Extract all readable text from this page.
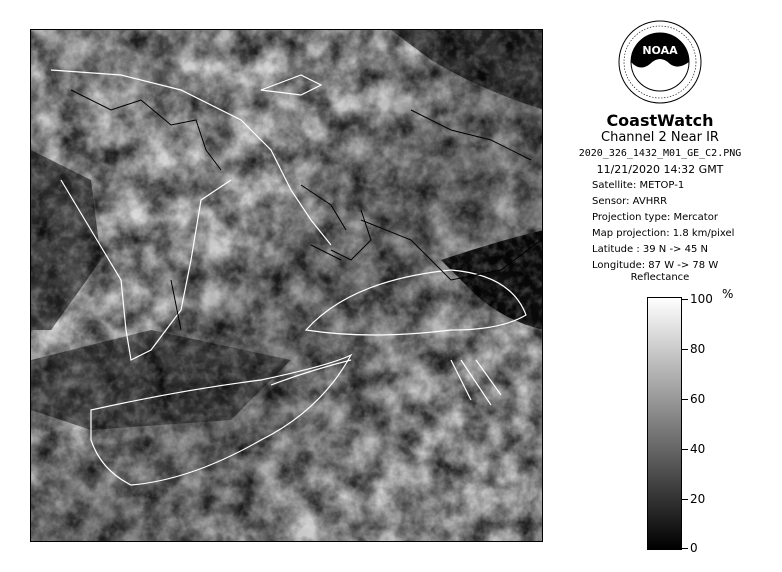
NOAA
CoastWatch
Channel 2 Near IR
2020_326_1432_M01_GE_C2.PNG
11/21/2020 14:32 GMT
Satellite: METOP-1
Sensor: AVHRR
Projection type: Mercator
Map projection: 1.8 km/pixel
Latitude : 39 N -> 45 N
Longitude: 87 W -> 78 W
Reflectance
%
100
80
60
40
20
0
